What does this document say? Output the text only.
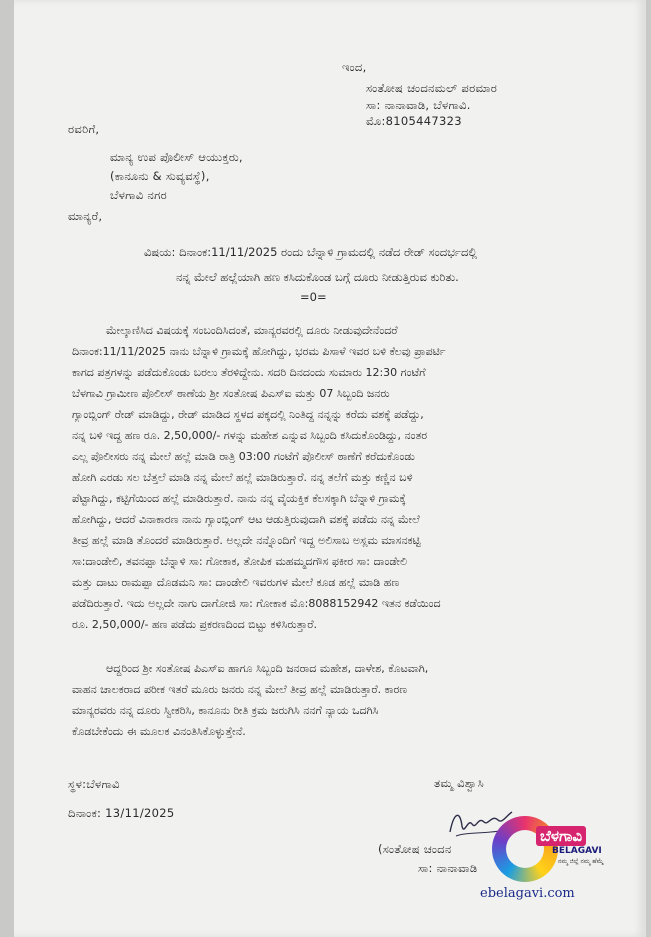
ಇಂದ,
ಸಂತೋಷ ಚಂದನಮಲ್ ಪರಮಾರ
ಸಾ: ನಾನಾವಾಡಿ, ಬೆಳಗಾವಿ.
ಮೊ:8105447323
ರವರಿಗೆ,
ಮಾನ್ಯ ಉಪ ಪೊಲೀಸ್ ಆಯುಕ್ತರು,
(ಕಾನೂನು & ಸುವ್ಯವಸ್ಥೆ),
ಬೆಳಗಾವಿ ನಗರ
ಮಾನ್ಯರೆ,
ವಿಷಯ: ದಿನಾಂಕ:11/11/2025 ರಂದು ಬೆನ್ನಾಳಿ ಗ್ರಾಮದಲ್ಲಿ ನಡೆದ ರೇಡ್ ಸಂದರ್ಭದಲ್ಲಿ
ನನ್ನ ಮೇಲೆ ಹಲ್ಲೆಯಾಗಿ ಹಣ ಕಸಿದುಕೊಂಡ ಬಗ್ಗೆ ದೂರು ನೀಡುತ್ತಿರುವ ಕುರಿತು.
=0=
ಮೇಲ್ಕಾಣಿಸಿದ ವಿಷಯಕ್ಕೆ ಸಂಬಂದಿಸಿದಂತೆ, ಮಾನ್ಯರವರಲ್ಲಿ ದೂರು ನೀಡುವುದೇನೆಂದರೆ
ದಿನಾಂಕ:11/11/2025 ನಾನು ಬೆನ್ನಾಳಿ ಗ್ರಾಮಕ್ಕೆ ಹೋಗಿದ್ದು, ಭರಮ ಪಿಸಾಳೆ ಇವರ ಬಳಿ ಕೆಲವು ಪ್ರಾಪರ್ಟಿ
ಕಾಗದ ಪತ್ರಗಳನ್ನು ಪಡೆದುಕೊಂಡು ಬರಲು ತೆರಳಿದ್ದೇನು. ಸದರಿ ದಿನದಂದು ಸುಮಾರು 12:30 ಗಂಟೆಗೆ
ಬೆಳಗಾವಿ ಗ್ರಾಮೀಣ ಪೊಲೀಸ್ ಠಾಣೆಯ ಶ್ರೀ ಸಂತೋಷ ಪಿಎಸ್ಐ ಮತ್ತು 07 ಸಿಬ್ಬಂದಿ ಜನರು
ಗ್ಯಾಂಬ್ಲಿಂಗ್ ರೇಡ್ ಮಾಡಿದ್ದು, ರೇಡ್ ಮಾಡಿದ ಸ್ಥಳದ ಪಕ್ಕದಲ್ಲಿ ನಿಂತಿದ್ದ ನನ್ನನ್ನು ಕರೆದು ವಶಕ್ಕೆ ಪಡೆದ್ದು,
ನನ್ನ ಬಳಿ ಇದ್ದ ಹಣ ರೂ. 2,50,000/- ಗಳನ್ನು ಮಹೇಶ ಎನ್ನುವ ಸಿಬ್ಬಂದಿ ಕಸಿದುಕೊಂಡಿದ್ದು, ನಂತರ
ಎಲ್ಲ ಪೊಲೀಸರು ನನ್ನ ಮೇಲೆ ಹಲ್ಲೆ ಮಾಡಿ ರಾತ್ರಿ 03:00 ಗಂಟೆಗೆ ಪೊಲೀಸ್ ಠಾಣೆಗೆ ಕರೆದುಕೊಂಡು
ಹೋಗಿ ಎರಡು ಸಲ ಬೆತ್ತಲೆ ಮಾಡಿ ನನ್ನ ಮೇಲೆ ಹಲ್ಲೆ ಮಾಡಿರುತ್ತಾರೆ. ನನ್ನ ತಲೆಗೆ ಮತ್ತು ಕಣ್ಣಿನ ಬಳಿ
ಪೆಟ್ಟಾಗಿದ್ದು, ಕಟ್ಟಿಗೆಯಿಂದ ಹಲ್ಲೆ ಮಾಡಿರುತ್ತಾರೆ. ನಾನು ನನ್ನ ವೈಯಕ್ತಿಕ ಕೆಲಸಕ್ಕಾಗಿ ಬೆನ್ನಾಳಿ ಗ್ರಾಮಕ್ಕೆ
ಹೋಗಿದ್ದು, ಆದರೆ ವಿನಾಕಾರಣ ನಾನು ಗ್ಯಾಂಬ್ಲಿಂಗ್ ಆಟ ಆಡುತ್ತಿರುವುದಾಗಿ ವಶಕ್ಕೆ ಪಡೆದು ನನ್ನ ಮೇಲೆ
ತೀವ್ರ ಹಲ್ಲೆ ಮಾಡಿ ತೊಂದರೆ ಮಾಡಿರುತ್ತಾರೆ. ಅಲ್ಲದೇ ನನ್ನೊಂದಿಗೆ ಇದ್ದ ಅಲಿಸಾಬ ಅಸ್ಲಮ ಮಾಸನಕಟ್ಟಿ
ಸಾ:ದಾಂಡೇಲಿ, ತವನಪ್ಪಾ ಬೆನ್ನಾಳಿ ಸಾ: ಗೋಕಾಕ, ತೋಪಿಕ ಮಹಮ್ಮದಗೌಸ ಫಕೀರ ಸಾ: ದಾಂಡೇಲಿ
ಮತ್ತು ದಾಟು ರಾಮಪ್ಪಾ ದೊಡಮನಿ ಸಾ: ದಾಂಡೇಲಿ ಇವರುಗಳ ಮೇಲೆ ಕೂಡ ಹಲ್ಲೆ ಮಾಡಿ ಹಣ
ಪಡೆದಿರುತ್ತಾರೆ. ಇದು ಅಲ್ಲದೇ ನಾಗು ದಾಗೋಜಿ ಸಾ: ಗೋಕಾಕ ಮೊ:8088152942 ಇತನ ಕಡೆಯಿಂದ
ರೂ. 2,50,000/- ಹಣ ಪಡೆದು ಪ್ರಕರಣದಿಂದ ಬಿಟ್ಟು ಕಳಿಸಿರುತ್ತಾರೆ.
ಆದ್ದರಿಂದ ಶ್ರೀ ಸಂತೋಷ ಪಿಎಸ್ಐ ಹಾಗೂ ಸಿಬ್ಬಂದಿ ಜನರಾದ ಮಹೇಶ, ದಾಳೇಶ, ಕೊಟವಾಗಿ,
ವಾಹನ ಚಾಲಕರಾದ ಪರೀಕ ಇತರೆ ಮೂರು ಜನರು ನನ್ನ ಮೇಲೆ ತೀವ್ರ ಹಲ್ಲೆ ಮಾಡಿರುತ್ತಾರೆ. ಕಾರಣ
ಮಾನ್ಯರವರು ನನ್ನ ದೂರು ಸ್ವೀಕರಿಸಿ, ಕಾನೂನು ರೀತಿ ಕ್ರಮ ಜರುಗಿಸಿ ನನಗೆ ನ್ಯಾಯ ಒದಗಿಸಿ
ಕೊಡಬೇಕೆಂದು ಈ ಮೂಲಕ ವಿನಂತಿಸಿಕೊಳ್ಳುತ್ತೇನೆ.
ಸ್ಥಳ:ಬೆಳಗಾವಿ
ದಿನಾಂಕ: 13/11/2025
ತಮ್ಮ ವಿಶ್ವಾಸಿ
(ಸಂತೋಷ ಚಂದನ
ಸಾ: ನಾನಾವಾಡಿ
ಬೆಳಗಾವಿ
BELAGAVI
ನಮ್ಮ ಜಿಲ್ಲೆ ನಮ್ಮ ಹೆಮ್ಮೆ
ebelagavi.com
